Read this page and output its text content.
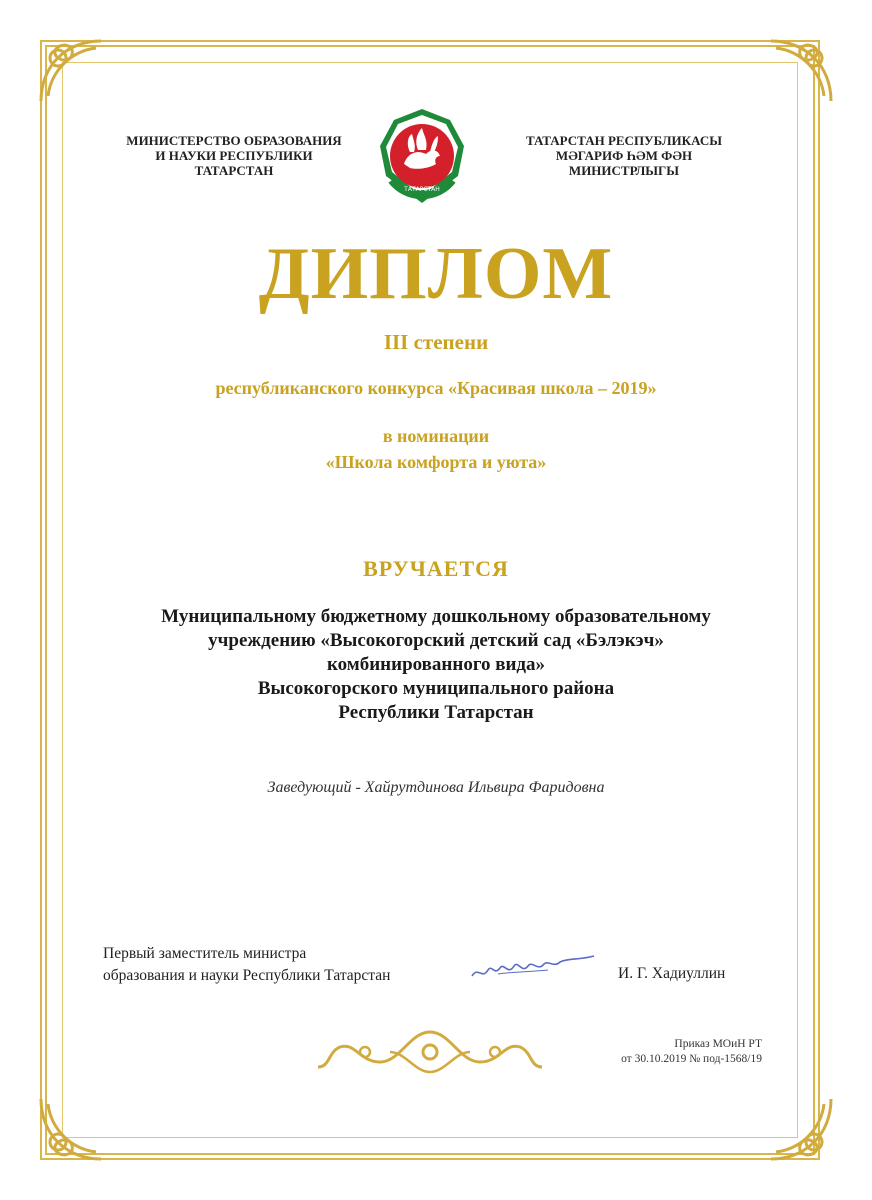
МИНИСТЕРСТВО ОБРАЗОВАНИЯ
И НАУКИ РЕСПУБЛИКИ
ТАТАРСТАН
ТАТАРСТАН
ТАТАРСТАН РЕСПУБЛИКАСЫ
МӘГАРИФ ҺӘМ ФӘН
МИНИСТРЛЫГЫ
ДИПЛОМ
III степени
республиканского конкурса «Красивая школа – 2019»
в номинации
«Школа комфорта и уюта»
ВРУЧАЕТСЯ
Муниципальному бюджетному дошкольному образовательному
учреждению «Высокогорский детский сад «Бэлэкэч»
комбинированного вида»
Высокогорского муниципального района
Республики Татарстан
Заведующий - Хайрутдинова Ильвира Фаридовна
Первый заместитель министра
образования и науки Республики Татарстан	И. Г. Хадиуллин
Приказ МОиН РТ
от 30.10.2019 № под-1568/19
